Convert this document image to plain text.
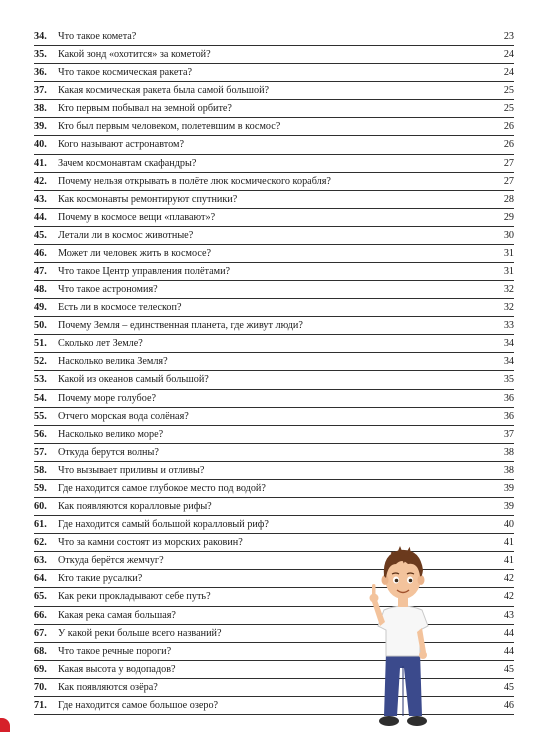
34.	Что такое комета?	23
35.	Какой зонд «охотится» за кометой?	24
36.	Что такое космическая ракета?	24
37.	Какая космическая ракета была самой большой?	25
38.	Кто первым побывал на земной орбите?	25
39.	Кто был первым человеком, полетевшим в космос?	26
40.	Кого называют астронавтом?	26
41.	Зачем космонавтам скафандры?	27
42.	Почему нельзя открывать в полёте люк космического корабля?	27
43.	Как космонавты ремонтируют спутники?	28
44.	Почему в космосе вещи «плавают»?	29
45.	Летали ли в космос животные?	30
46.	Может ли человек жить в космосе?	31
47.	Что такое Центр управления полётами?	31
48.	Что такое астрономия?	32
49.	Есть ли в космосе телескоп?	32
50.	Почему Земля – единственная планета, где живут люди?	33
51.	Сколько лет Земле?	34
52.	Насколько велика Земля?	34
53.	Какой из океанов самый большой?	35
54.	Почему море голубое?	36
55.	Отчего морская вода солёная?	36
56.	Насколько велико море?	37
57.	Откуда берутся волны?	38
58.	Что вызывает приливы и отливы?	38
59.	Где находится самое глубокое место под водой?	39
60.	Как появляются коралловые рифы?	39
61.	Где находится самый большой коралловый риф?	40
62.	Что за камни состоят из морских раковин?	41
63.	Откуда берётся жемчуг?	41
64.	Кто такие русалки?	42
65.	Как реки прокладывают себе путь?	42
66.	Какая река самая большая?	43
67.	У какой реки больше всего названий?	44
68.	Что такое речные пороги?	44
69.	Какая высота у водопадов?	45
70.	Как появляются озёра?	45
71.	Где находится самое большое озеро?	46
